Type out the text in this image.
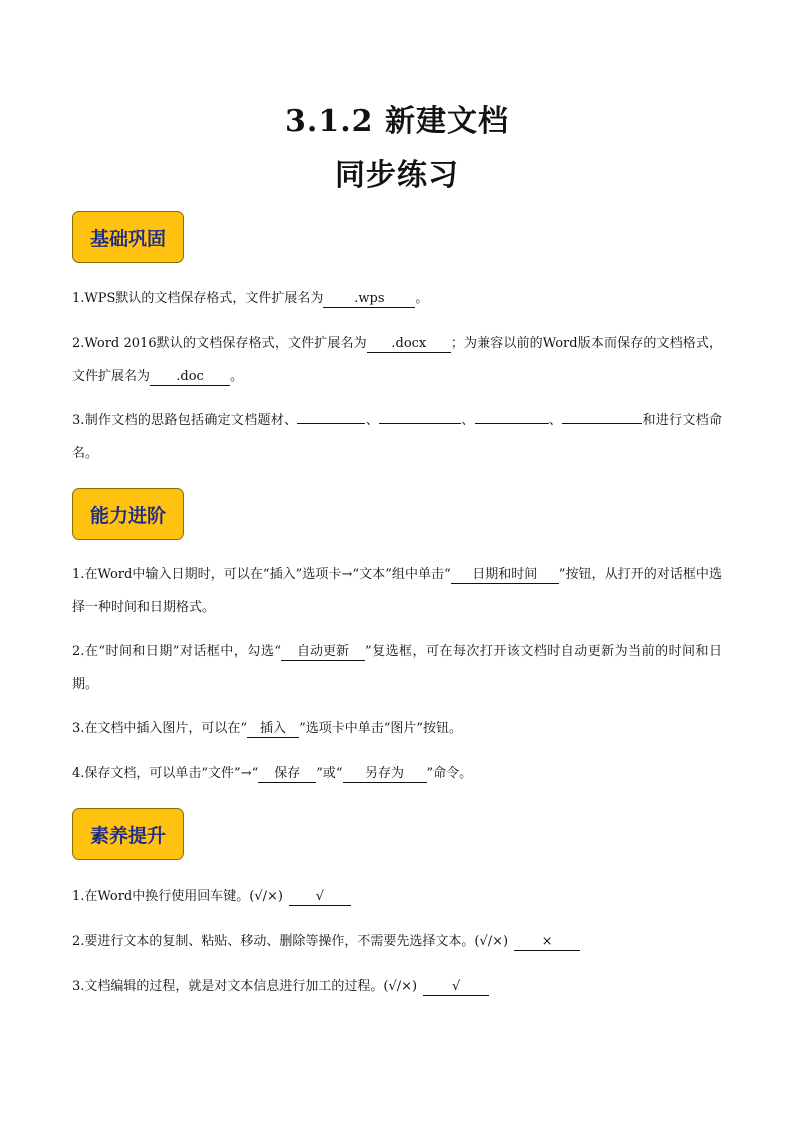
3.1.2 新建文档
同步练习
基础巩固
1.WPS默认的文档保存格式，文件扩展名为 .wps 。
2.Word 2016默认的文档保存格式，文件扩展名为 .docx ；为兼容以前的Word版本而保存的文档格式，文件扩展名为 .doc 。
3.制作文档的思路包括确定文档题材、	、	、	、	和进行文档命名。
能力进阶
1.在Word中输入日期时，可以在“插入”选项卡→“文本”组中单击“ 日期和时间 ”按钮，从打开的对话框中选择一种时间和日期格式。
2.在“时间和日期”对话框中，勾选“ 自动更新 ”复选框，可在每次打开该文档时自动更新为当前的时间和日期。
3.在文档中插入图片，可以在“ 插入 ”选项卡中单击“图片”按钮。
4.保存文档，可以单击“文件”→“ 保存 ”或“ 另存为 ”命令。
素养提升
1.在Word中换行使用回车键。(√/×)	√
2.要进行文本的复制、粘贴、移动、删除等操作，不需要先选择文本。(√/×)	×
3.文档编辑的过程，就是对文本信息进行加工的过程。(√/×)	√
